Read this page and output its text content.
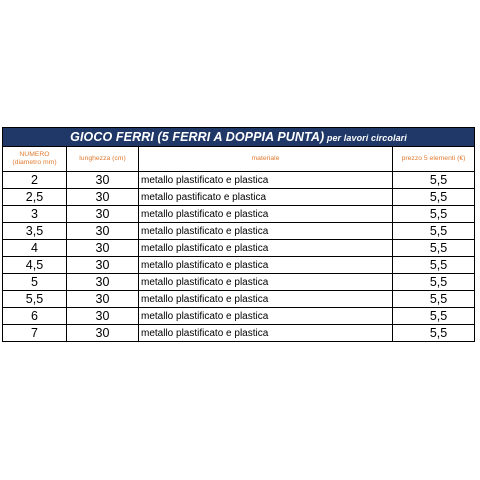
GIOCO FERRI (5 FERRI A DOPPIA PUNTA) per lavori circolari			

NUMERO
(diametro mm)	lunghezza (cm)	materiale	prezzo 5 elementi (€)
2	30	metallo plastificato e plastica	5,5
2,5	30	metallo pastificato e plastica	5,5
3	30	metallo plastificato e plastica	5,5
3,5	30	metallo plastificato e plastica	5,5
4	30	metallo plastificato e plastica	5,5
4,5	30	metallo plastificato e plastica	5,5
5	30	metallo plastificato e plastica	5,5
5,5	30	metallo plastificato e plastica	5,5
6	30	metallo plastificato e plastica	5,5
7	30	metallo plastificato e plastica	5,5
